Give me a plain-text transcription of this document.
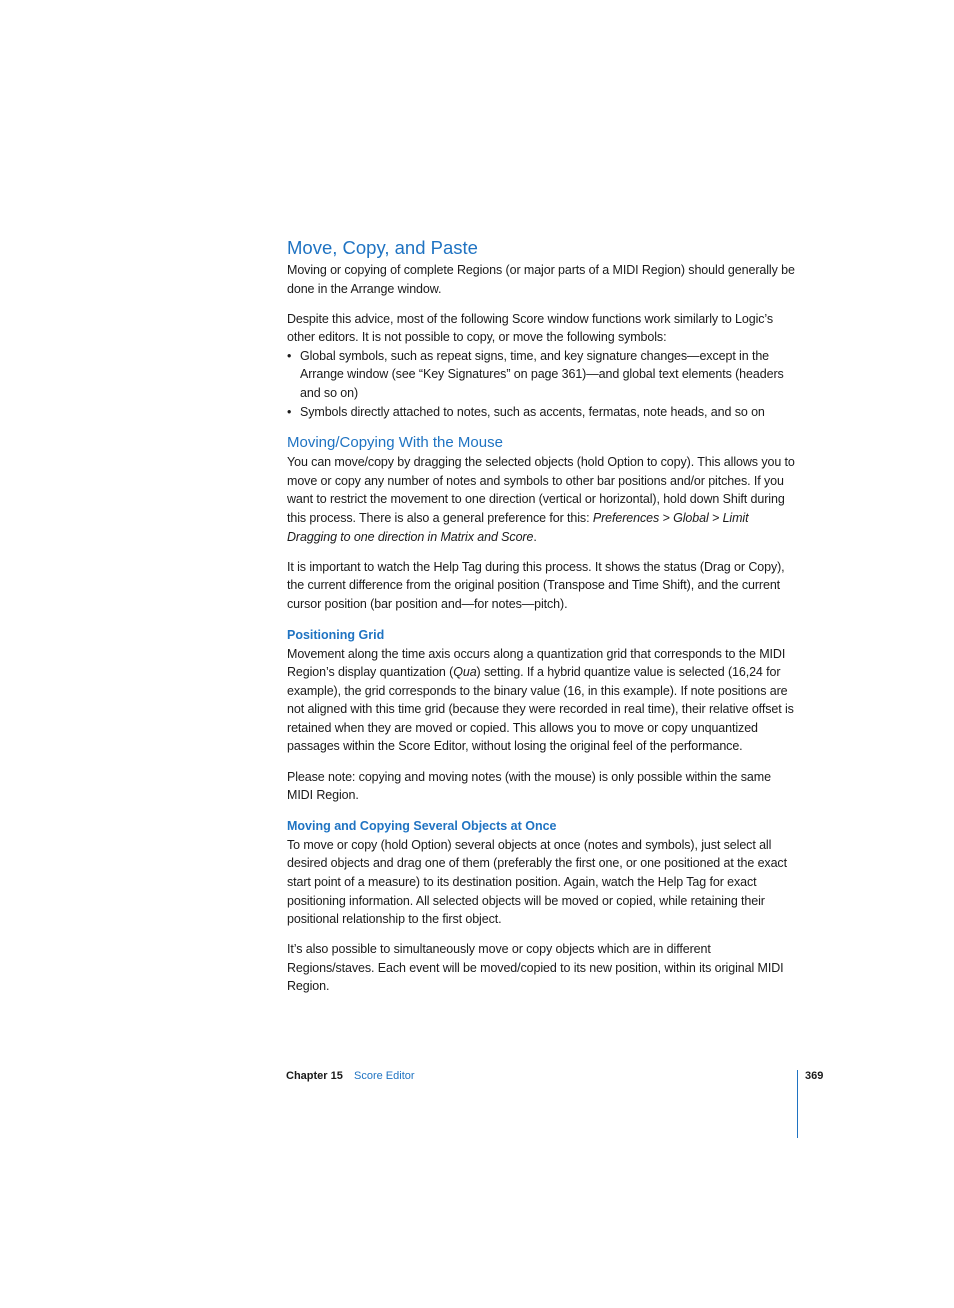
Move, Copy, and Paste

Moving or copying of complete Regions (or major parts of a MIDI Region) should generally be done in the Arrange window.

Despite this advice, most of the following Score window functions work similarly to Logic’s other editors. It is not possible to copy, or move the following symbols:

• Global symbols, such as repeat signs, time, and key signature changes—except in the Arrange window (see “Key Signatures” on page 361)—and global text elements (headers and so on)
• Symbols directly attached to notes, such as accents, fermatas, note heads, and so on
Moving/Copying With the Mouse

You can move/copy by dragging the selected objects (hold Option to copy). This allows you to move or copy any number of notes and symbols to other bar positions and/or pitches. If you want to restrict the movement to one direction (vertical or horizontal), hold down Shift during this process. There is also a general preference for this: Preferences > Global > Limit Dragging to one direction in Matrix and Score.

It is important to watch the Help Tag during this process. It shows the status (Drag or Copy), the current difference from the original position (Transpose and Time Shift), and the current cursor position (bar position and—for notes—pitch).

Positioning Grid

Movement along the time axis occurs along a quantization grid that corresponds to the MIDI Region’s display quantization (Qua) setting. If a hybrid quantize value is selected (16,24 for example), the grid corresponds to the binary value (16, in this example). If note positions are not aligned with this time grid (because they were recorded in real time), their relative offset is retained when they are moved or copied. This allows you to move or copy unquantized passages within the Score Editor, without losing the original feel of the performance.

Please note: copying and moving notes (with the mouse) is only possible within the same MIDI Region.

Moving and Copying Several Objects at Once

To move or copy (hold Option) several objects at once (notes and symbols), just select all desired objects and drag one of them (preferably the first one, or one positioned at the exact start point of a measure) to its destination position. Again, watch the Help Tag for exact positioning information. All selected objects will be moved or copied, while retaining their positional relationship to the first object.

It’s also possible to simultaneously move or copy objects which are in different Regions/staves. Each event will be moved/copied to its new position, within its original MIDI Region.

Chapter 15 Score Editor	369
